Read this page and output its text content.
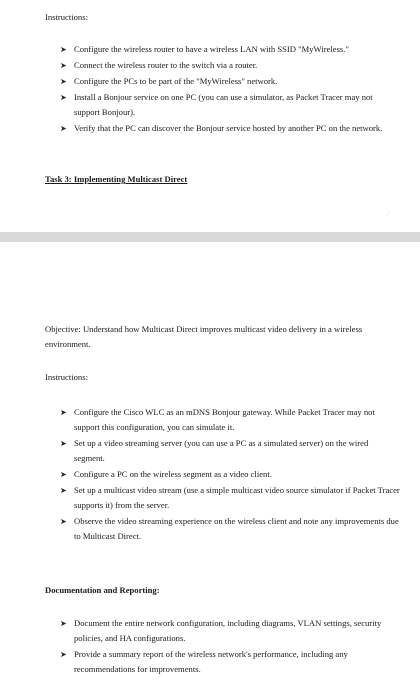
Instructions:
➤ Configure the wireless router to have a wireless LAN with SSID "MyWireless."
➤ Connect the wireless router to the switch via a router.
➤ Configure the PCs to be part of the "MyWireless" network.
➤ Install a Bonjour service on one PC (you can use a simulator, as Packet Tracer may not support Bonjour).
➤ Verify that the PC can discover the Bonjour service hosted by another PC on the network.
Task 3: Implementing Multicast Direct
⁄
Objective: Understand how Multicast Direct improves multicast video delivery in a wireless environment.
Instructions:
➤ Configure the Cisco WLC as an mDNS Bonjour gateway. While Packet Tracer may not support this configuration, you can simulate it.
➤ Set up a video streaming server (you can use a PC as a simulated server) on the wired segment.
➤ Configure a PC on the wireless segment as a video client.
➤ Set up a multicast video stream (use a simple multicast video source simulator if Packet Tracer supports it) from the server.
➤ Observe the video streaming experience on the wireless client and note any improvements due to Multicast Direct.
Documentation and Reporting:
➤ Document the entire network configuration, including diagrams, VLAN settings, security policies, and HA configurations.
➤ Provide a summary report of the wireless network's performance, including any recommendations for improvements.
